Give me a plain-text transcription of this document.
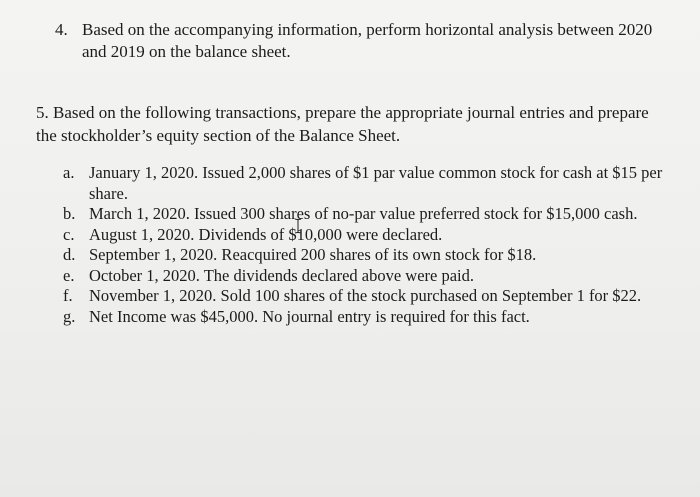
4. Based on the accompanying information, perform horizontal analysis between 2020 and 2019 on the balance sheet.
5. Based on the following transactions, prepare the appropriate journal entries and prepare the stockholder’s equity section of the Balance Sheet.
a. January 1, 2020. Issued 2,000 shares of $1 par value common stock for cash at $15 per share.
b. March 1, 2020. Issued 300 shares of no-par value preferred stock for $15,000 cash.
c. August 1, 2020. Dividends of $10,000 were declared.
d. September 1, 2020. Reacquired 200 shares of its own stock for $18.
e. October 1, 2020. The dividends declared above were paid.
f. November 1, 2020. Sold 100 shares of the stock purchased on September 1 for $22.
g. Net Income was $45,000. No journal entry is required for this fact.
